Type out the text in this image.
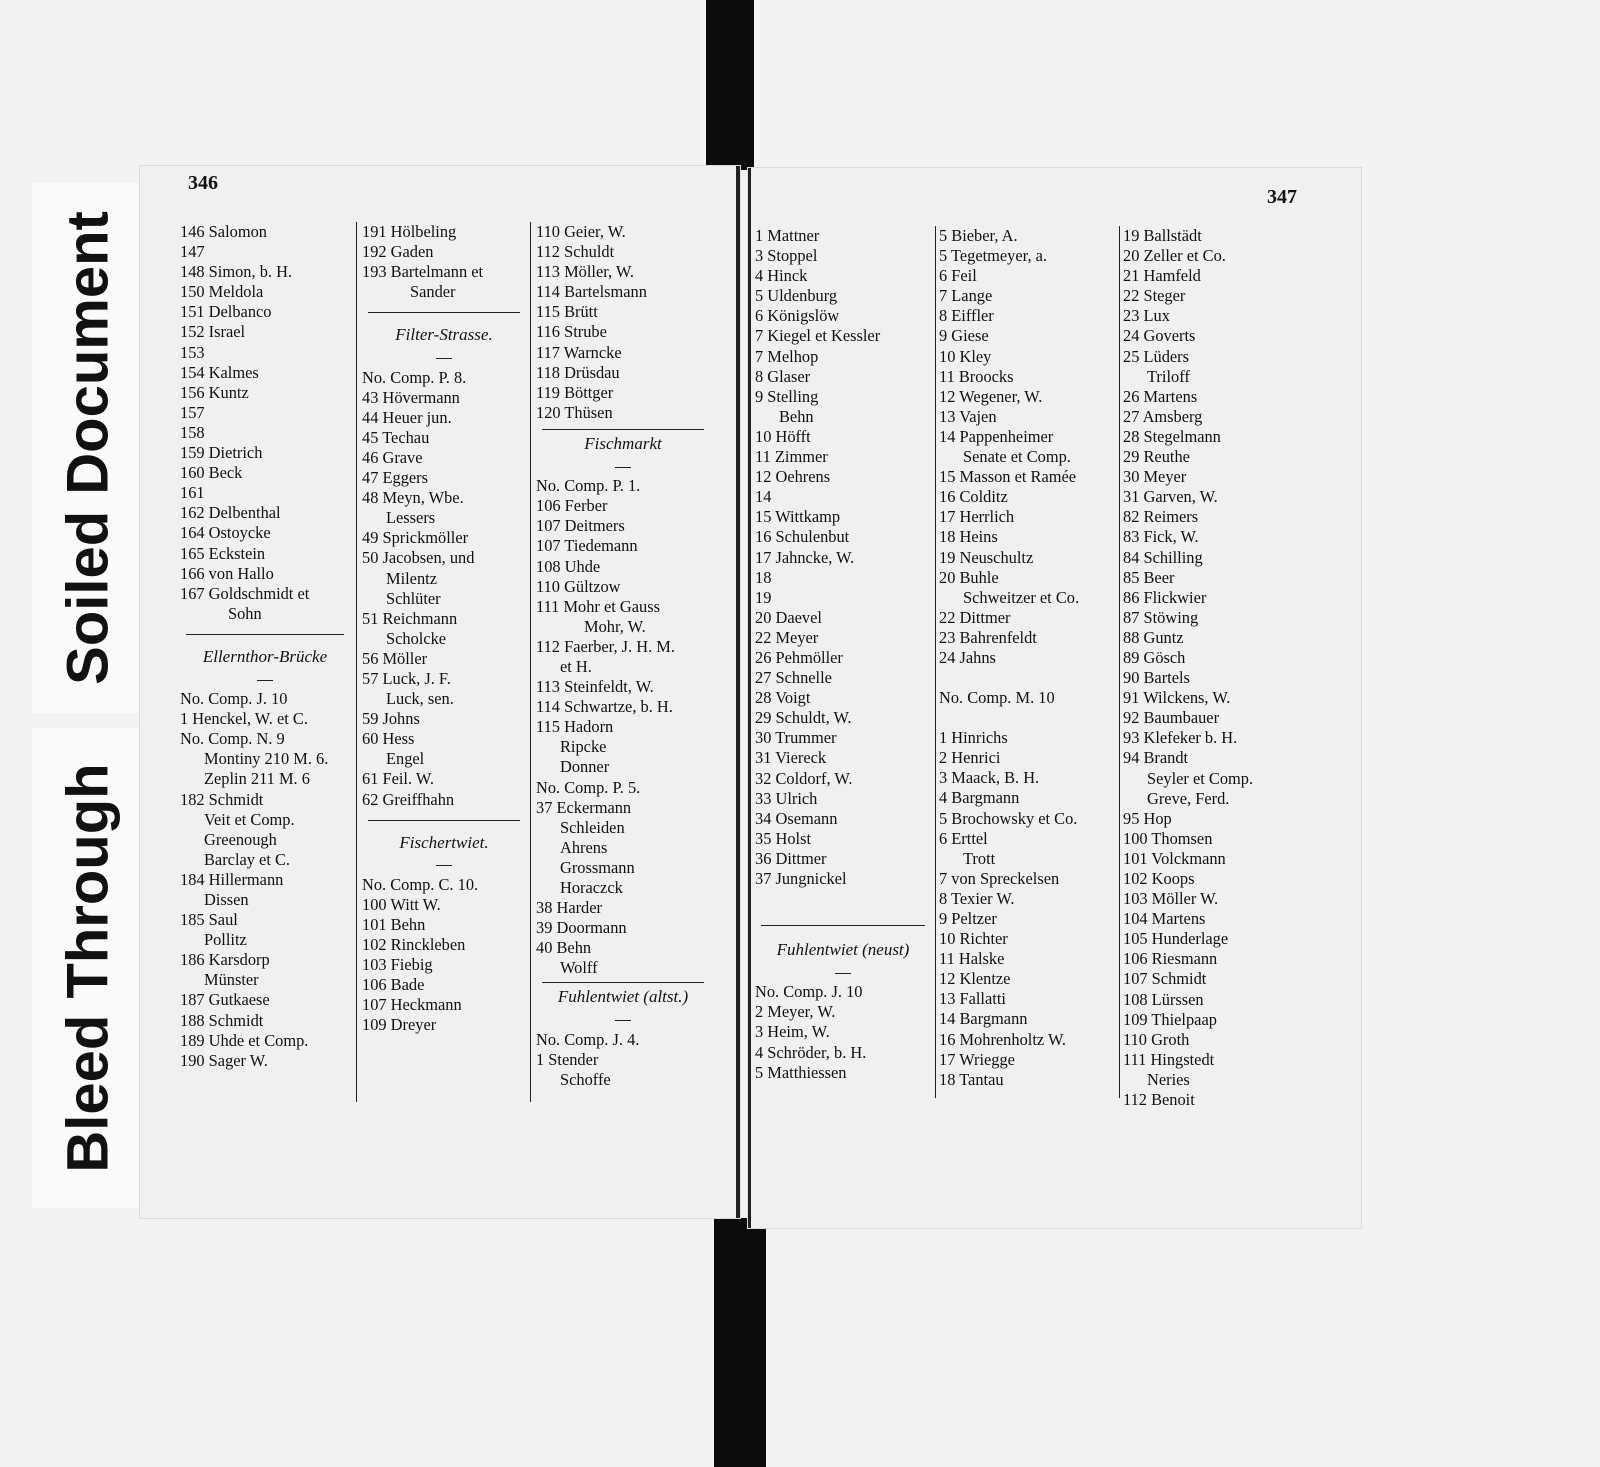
Soiled Document
Bleed Through
346
146 Salomon
147
148 Simon, b. H.
150 Meldola
151 Delbanco
152 Israel
153
154 Kalmes
156 Kuntz
157
158
159 Dietrich
160 Beck
161
162 Delbenthal
164 Ostoycke
165 Eckstein
166 von Hallo
167 Goldschmidt et
Sohn
Ellernthor-Brücke
No. Comp. J. 10
1 Henckel, W. et C.
No. Comp. N. 9
Montiny 210 M. 6.
Zeplin 211 M. 6
182 Schmidt
Veit et Comp.
Greenough
Barclay et C.
184 Hillermann
Dissen
185 Saul
Pollitz
186 Karsdorp
Münster
187 Gutkaese
188 Schmidt
189 Uhde et Comp.
190 Sager W.
191 Hölbeling
192 Gaden
193 Bartelmann et
Sander
Filter-Strasse.
No. Comp. P. 8.
43 Hövermann
44 Heuer jun.
45 Techau
46 Grave
47 Eggers
48 Meyn, Wbe.
Lessers
49 Sprickmöller
50 Jacobsen, und
Milentz
Schlüter
51 Reichmann
Scholcke
56 Möller
57 Luck, J. F.
Luck, sen.
59 Johns
60 Hess
Engel
61 Feil. W.
62 Greiffhahn
Fischertwiet.
No. Comp. C. 10.
100 Witt W.
101 Behn
102 Rinckleben
103 Fiebig
106 Bade
107 Heckmann
109 Dreyer
110 Geier, W.
112 Schuldt
113 Möller, W.
114 Bartelsmann
115 Brütt
116 Strube
117 Warncke
118 Drüsdau
119 Böttger
120 Thüsen
Fischmarkt
No. Comp. P. 1.
106 Ferber
107 Deitmers
107 Tiedemann
108 Uhde
110 Gültzow
111 Mohr et Gauss
Mohr, W.
112 Faerber, J. H. M.
et H.
113 Steinfeldt, W.
114 Schwartze, b. H.
115 Hadorn
Ripcke
Donner
No. Comp. P. 5.
37 Eckermann
Schleiden
Ahrens
Grossmann
Horaczck
38 Harder
39 Doormann
40 Behn
Wolff
Fuhlentwiet (altst.)
No. Comp. J. 4.
1 Stender
Schoffe
347
1 Mattner
3 Stoppel
4 Hinck
5 Uldenburg
6 Königslöw
7 Kiegel et Kessler
7 Melhop
8 Glaser
9 Stelling
Behn
10 Höfft
11 Zimmer
12 Oehrens
14
15 Wittkamp
16 Schulenbut
17 Jahncke, W.
18
19
20 Daevel
22 Meyer
26 Pehmöller
27 Schnelle
28 Voigt
29 Schuldt, W.
30 Trummer
31 Viereck
32 Coldorf, W.
33 Ulrich
34 Osemann
35 Holst
36 Dittmer
37 Jungnickel
Fuhlentwiet (neust)
No. Comp. J. 10
2 Meyer, W.
3 Heim, W.
4 Schröder, b. H.
5 Matthiessen
5 Bieber, A.
5 Tegetmeyer, a.
6 Feil
7 Lange
8 Eiffler
9 Giese
10 Kley
11 Broocks
12 Wegener, W.
13 Vajen
14 Pappenheimer
Senate et Comp.
15 Masson et Ramée
16 Colditz
17 Herrlich
18 Heins
19 Neuschultz
20 Buhle
Schweitzer et Co.
22 Dittmer
23 Bahrenfeldt
24 Jahns
No. Comp. M. 10
1 Hinrichs
2 Henrici
3 Maack, B. H.
4 Bargmann
5 Brochowsky et Co.
6 Erttel
Trott
7 von Spreckelsen
8 Texier W.
9 Peltzer
10 Richter
11 Halske
12 Klentze
13 Fallatti
14 Bargmann
16 Mohrenholtz W.
17 Wriegge
18 Tantau
19 Ballstädt
20 Zeller et Co.
21 Hamfeld
22 Steger
23 Lux
24 Goverts
25 Lüders
Triloff
26 Martens
27 Amsberg
28 Stegelmann
29 Reuthe
30 Meyer
31 Garven, W.
82 Reimers
83 Fick, W.
84 Schilling
85 Beer
86 Flickwier
87 Stöwing
88 Guntz
89 Gösch
90 Bartels
91 Wilckens, W.
92 Baumbauer
93 Klefeker b. H.
94 Brandt
Seyler et Comp.
Greve, Ferd.
95 Hop
100 Thomsen
101 Volckmann
102 Koops
103 Möller W.
104 Martens
105 Hunderlage
106 Riesmann
107 Schmidt
108 Lürssen
109 Thielpaap
110 Groth
111 Hingstedt
Neries
112 Benoit
